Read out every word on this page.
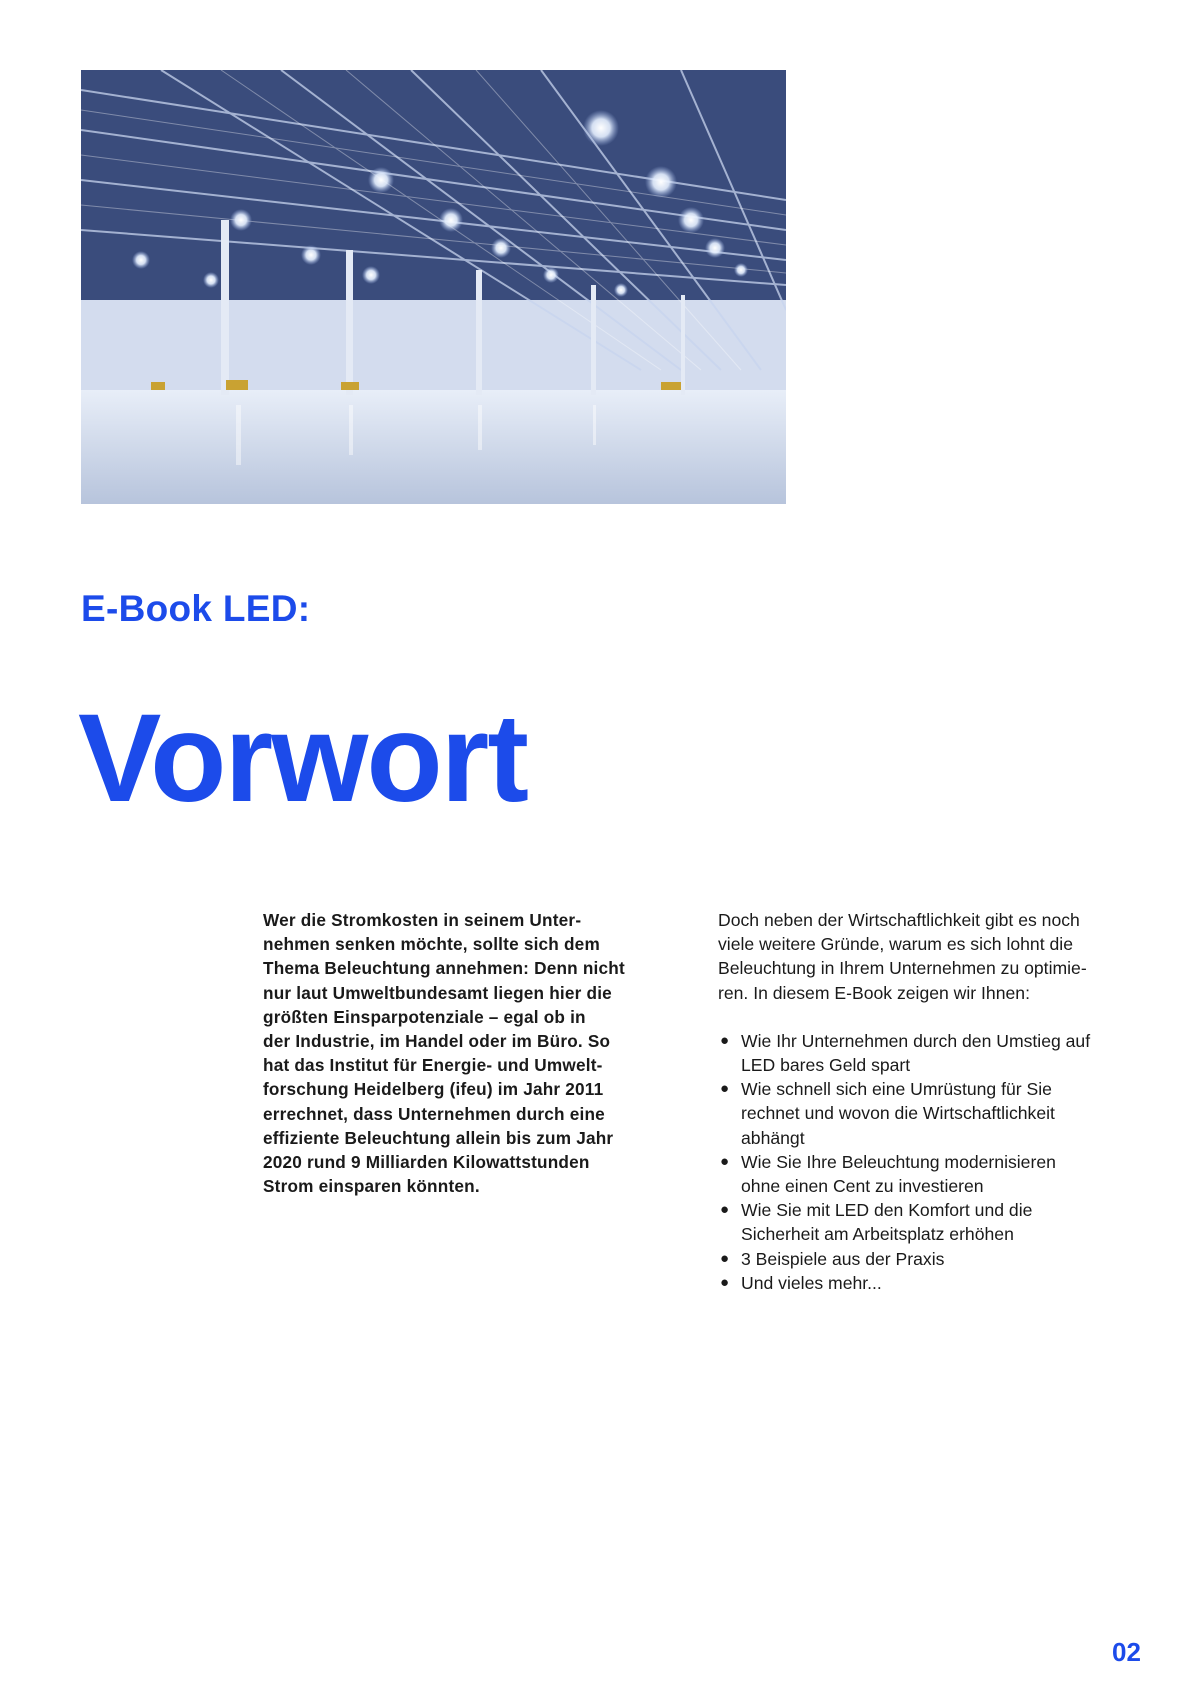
E-Book LED:
Vorwort

Wer die Stromkosten in seinem Unter-
nehmen senken möchte, sollte sich dem
Thema Beleuchtung annehmen: Denn nicht
nur laut Umweltbundesamt liegen hier die
größten Einsparpotenziale – egal ob in
der Industrie, im Handel oder im Büro. So
hat das Institut für Energie- und Umwelt-
forschung Heidelberg (ifeu) im Jahr 2011
errechnet, dass Unternehmen durch eine
effiziente Beleuchtung allein bis zum Jahr
2020 rund 9 Milliarden Kilowattstunden
Strom einsparen könnten.

Doch neben der Wirtschaftlichkeit gibt es noch
viele weitere Gründe, warum es sich lohnt die
Beleuchtung in Ihrem Unternehmen zu optimie-
ren. In diesem E-Book zeigen wir Ihnen:

● Wie Ihr Unternehmen durch den Umstieg auf
LED bares Geld spart
● Wie schnell sich eine Umrüstung für Sie
rechnet und wovon die Wirtschaftlichkeit
abhängt
● Wie Sie Ihre Beleuchtung modernisieren
ohne einen Cent zu investieren
● Wie Sie mit LED den Komfort und die
Sicherheit am Arbeitsplatz erhöhen
● 3 Beispiele aus der Praxis
● Und vieles mehr...

02
